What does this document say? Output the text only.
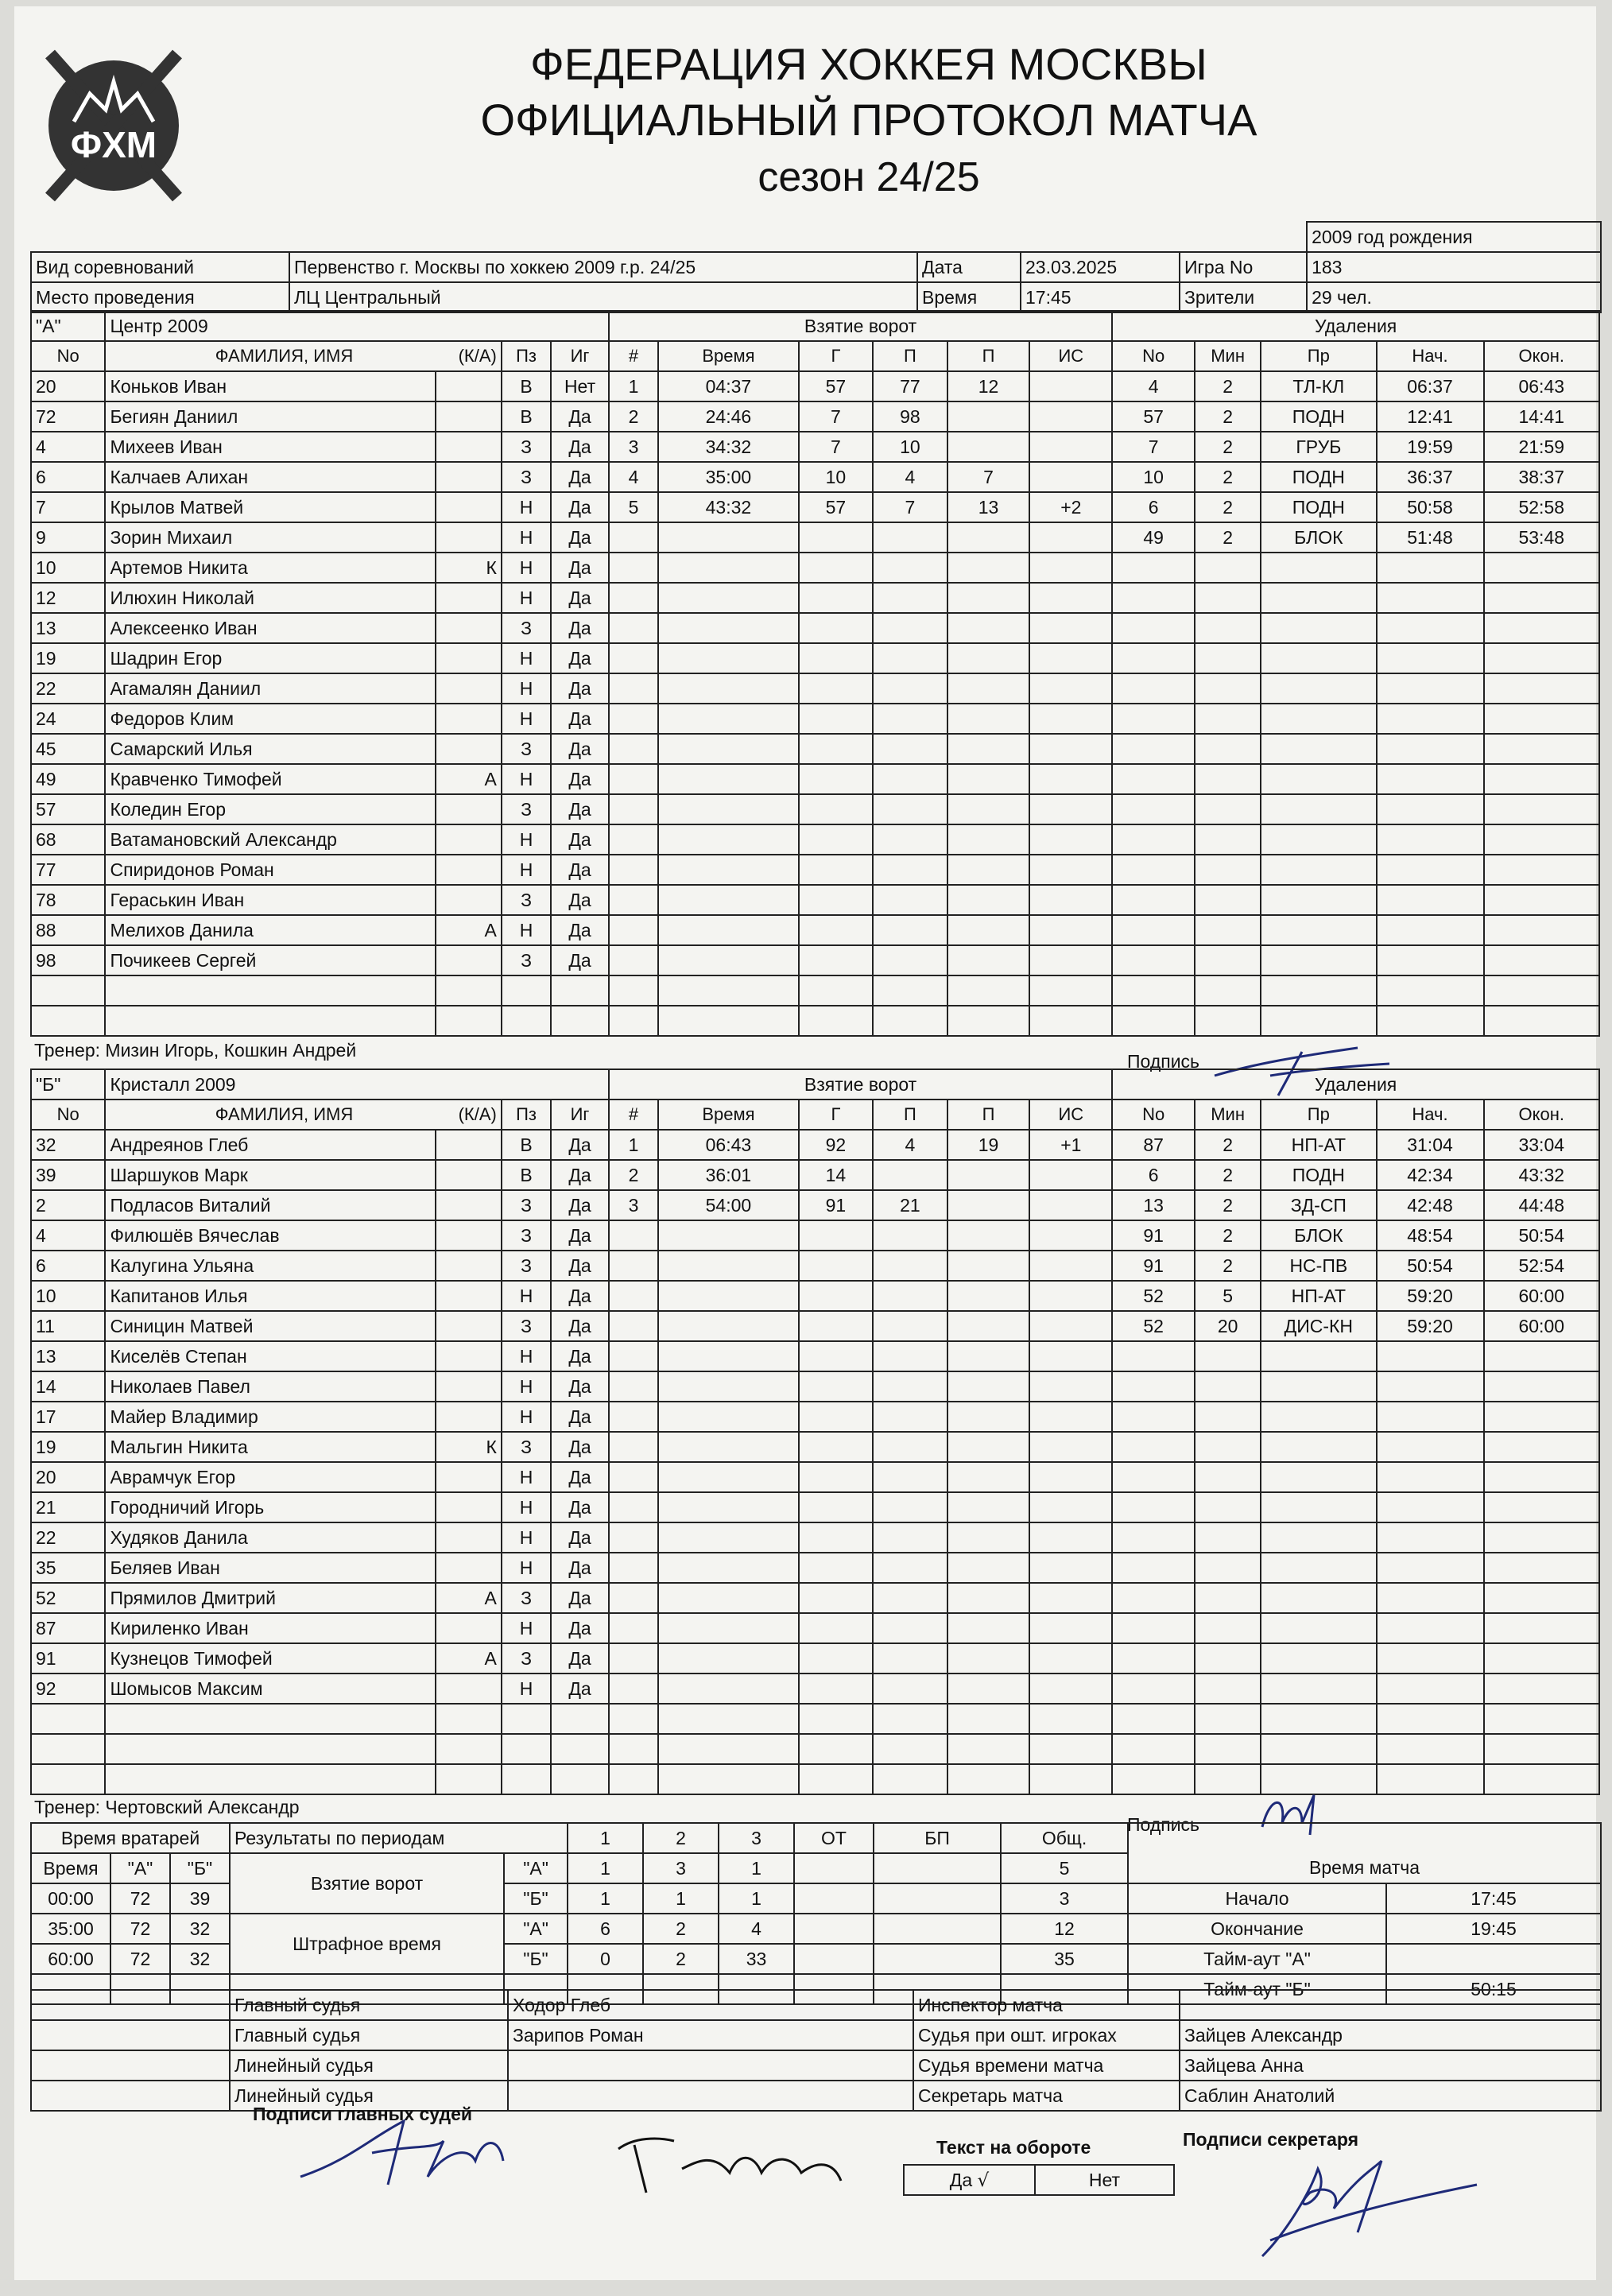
ФХМ
ФЕДЕРАЦИЯ ХОККЕЯ МОСКВЫ
ОФИЦИАЛЬНЫЙ ПРОТОКОЛ МАТЧА
сезон 24/25
					2009 год рождения
Вид соревнований	Первенство г. Москвы по хоккею 2009 г.р. 24/25	Дата	23.03.2025	Игра No	183
Место проведения	ЛЦ Центральный	Время	17:45	Зрители	29 чел.
"А"	Центр 2009				Взятие ворот						Удаления				
No	ФАМИЛИЯ, ИМЯ (К/А)		Пз	Иг	#	Время	Г	П	П	ИС	No	Мин	Пр	Нач.	Окон.
20	Коньков Иван		В	Нет	1	04:37	57	77	12		4	2	ТЛ-КЛ	06:37	06:43
72	Бегиян Даниил		В	Да	2	24:46	7	98			57	2	ПОДН	12:41	14:41
4	Михеев Иван		З	Да	3	34:32	7	10			7	2	ГРУБ	19:59	21:59
6	Калчаев Алихан		З	Да	4	35:00	10	4	7		10	2	ПОДН	36:37	38:37
7	Крылов Матвей		Н	Да	5	43:32	57	7	13	+2	6	2	ПОДН	50:58	52:58
9	Зорин Михаил		Н	Да							49	2	БЛОК	51:48	53:48
10	Артемов Никита	К	Н	Да											
12	Илюхин Николай		Н	Да											
13	Алексеенко Иван		З	Да											
19	Шадрин Егор		Н	Да											
22	Агамалян Даниил		Н	Да											
24	Федоров Клим		Н	Да											
45	Самарский Илья		З	Да											
49	Кравченко Тимофей	А	Н	Да											
57	Коледин Егор		З	Да											
68	Ватамановский Александр		Н	Да											
77	Спиридонов Роман		Н	Да											
78	Гераськин Иван		З	Да											
88	Мелихов Данила	А	Н	Да											
98	Почикеев Сергей		З	Да											

Тренер: Мизин Игорь, Кошкин Андрей
Подпись
"Б"	Кристалл 2009				Взятие ворот						Удаления				
No	ФАМИЛИЯ, ИМЯ (К/А)		Пз	Иг	#	Время	Г	П	П	ИС	No	Мин	Пр	Нач.	Окон.
32	Андреянов Глеб		В	Да	1	06:43	92	4	19	+1	87	2	НП-АТ	31:04	33:04
39	Шаршуков Марк		В	Да	2	36:01	14				6	2	ПОДН	42:34	43:32
2	Подласов Виталий		З	Да	3	54:00	91	21			13	2	ЗД-СП	42:48	44:48
4	Филюшёв Вячеслав		З	Да							91	2	БЛОК	48:54	50:54
6	Калугина Ульяна		З	Да							91	2	НС-ПВ	50:54	52:54
10	Капитанов Илья		Н	Да							52	5	НП-АТ	59:20	60:00
11	Синицин Матвей		З	Да							52	20	ДИС-КН	59:20	60:00
13	Киселёв Степан		Н	Да											
14	Николаев Павел		Н	Да											
17	Майер Владимир		Н	Да											
19	Мальгин Никита	К	З	Да											
20	Аврамчук Егор		Н	Да											
21	Городничий Игорь		Н	Да											
22	Худяков Данила		Н	Да											
35	Беляев Иван		Н	Да											
52	Прямилов Дмитрий	А	З	Да											
87	Кириленко Иван		Н	Да											
91	Кузнецов Тимофей	А	З	Да											
92	Шомысов Максим		Н	Да											

Тренер: Чертовский Александр
Подпись
Время вратарей			Результаты по периодам		1	2	3	ОТ	БП	Общ.		
Время	"А"	"Б"	Взятие ворот	"А"	1	3	1			5	Время матча	
00:00	72	39		"Б"	1	1	1			3	Начало	17:45
35:00	72	32	Штрафное время	"А"	6	2	4			12	Окончание	19:45
60:00	72	32		"Б"	0	2	33			35	Тайм-аут "А"	
											Тайм-аут "Б"	50:15
	Главный судья	Ходор Глеб	Инспектор матча	
	Главный судья	Зарипов Роман	Судья при ошт. игроках	Зайцев Александр
	Линейный судья		Судья времени матча	Зайцева Анна
	Линейный судья		Секретарь матча	Саблин Анатолий
Подписи главных судей
Текст на обороте
Да √	Нет
Подписи секретаря
